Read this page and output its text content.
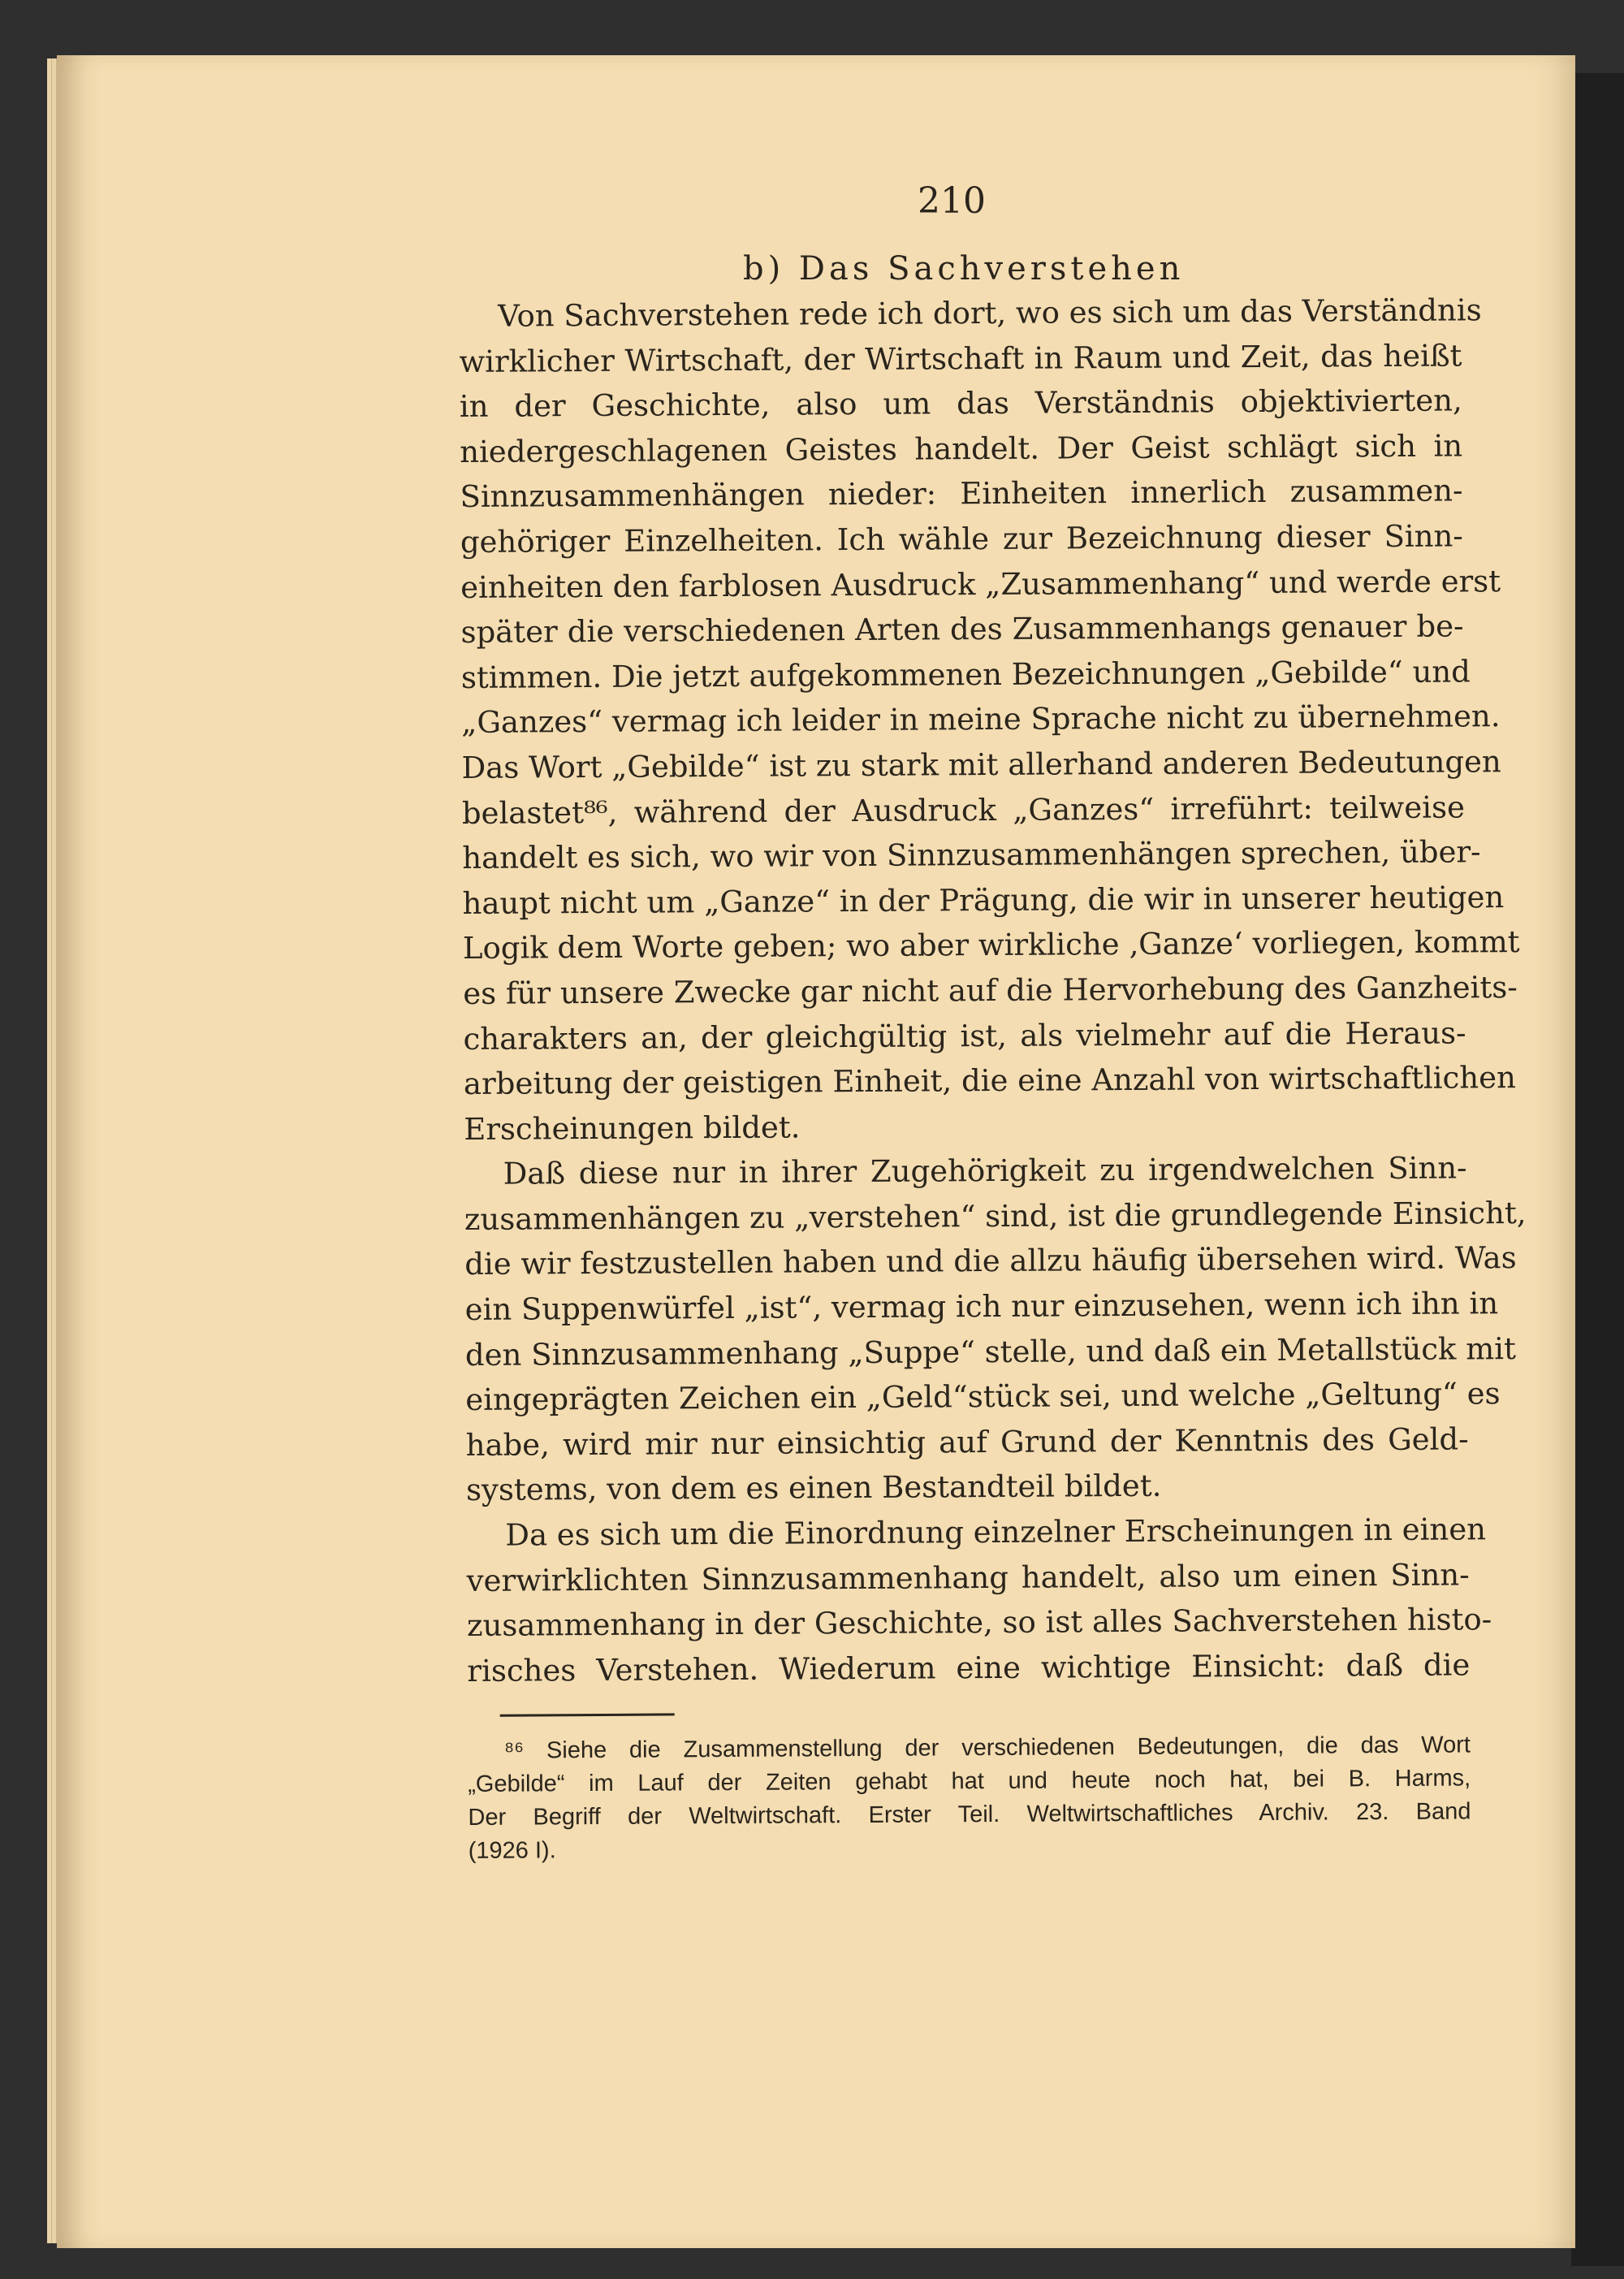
210
b) Das Sachverstehen
Von Sachverstehen rede ich dort, wo es sich um das Verständnis
wirklicher Wirtschaft, der Wirtschaft in Raum und Zeit, das heißt
in der Geschichte, also um das Verständnis objektivierten,
niedergeschlagenen Geistes handelt. Der Geist schlägt sich in
Sinnzusammenhängen nieder: Einheiten innerlich zusammen-
gehöriger Einzelheiten. Ich wähle zur Bezeichnung dieser Sinn-
einheiten den farblosen Ausdruck „Zusammenhang“ und werde erst
später die verschiedenen Arten des Zusammenhangs genauer be-
stimmen. Die jetzt aufgekommenen Bezeichnungen „Gebilde“ und
„Ganzes“ vermag ich leider in meine Sprache nicht zu übernehmen.
Das Wort „Gebilde“ ist zu stark mit allerhand anderen Bedeutungen
belastet⁸⁶, während der Ausdruck „Ganzes“ irreführt: teilweise
handelt es sich, wo wir von Sinnzusammenhängen sprechen, über-
haupt nicht um „Ganze“ in der Prägung, die wir in unserer heutigen
Logik dem Worte geben; wo aber wirkliche ‚Ganze‘ vorliegen, kommt
es für unsere Zwecke gar nicht auf die Hervorhebung des Ganzheits-
charakters an, der gleichgültig ist, als vielmehr auf die Heraus-
arbeitung der geistigen Einheit, die eine Anzahl von wirtschaftlichen
Erscheinungen bildet.
Daß diese nur in ihrer Zugehörigkeit zu irgendwelchen Sinn-
zusammenhängen zu „verstehen“ sind, ist die grundlegende Einsicht,
die wir festzustellen haben und die allzu häufig übersehen wird. Was
ein Suppenwürfel „ist“, vermag ich nur einzusehen, wenn ich ihn in
den Sinnzusammenhang „Suppe“ stelle, und daß ein Metallstück mit
eingeprägten Zeichen ein „Geld“stück sei, und welche „Geltung“ es
habe, wird mir nur einsichtig auf Grund der Kenntnis des Geld-
systems, von dem es einen Bestandteil bildet.
Da es sich um die Einordnung einzelner Erscheinungen in einen
verwirklichten Sinnzusammenhang handelt, also um einen Sinn-
zusammenhang in der Geschichte, so ist alles Sachverstehen histo-
risches Verstehen. Wiederum eine wichtige Einsicht: daß die
⁸⁶ Siehe die Zusammenstellung der verschiedenen Bedeutungen, die das Wort
„Gebilde“ im Lauf der Zeiten gehabt hat und heute noch hat, bei B. Harms,
Der Begriff der Weltwirtschaft. Erster Teil. Weltwirtschaftliches Archiv. 23. Band
(1926 I).
